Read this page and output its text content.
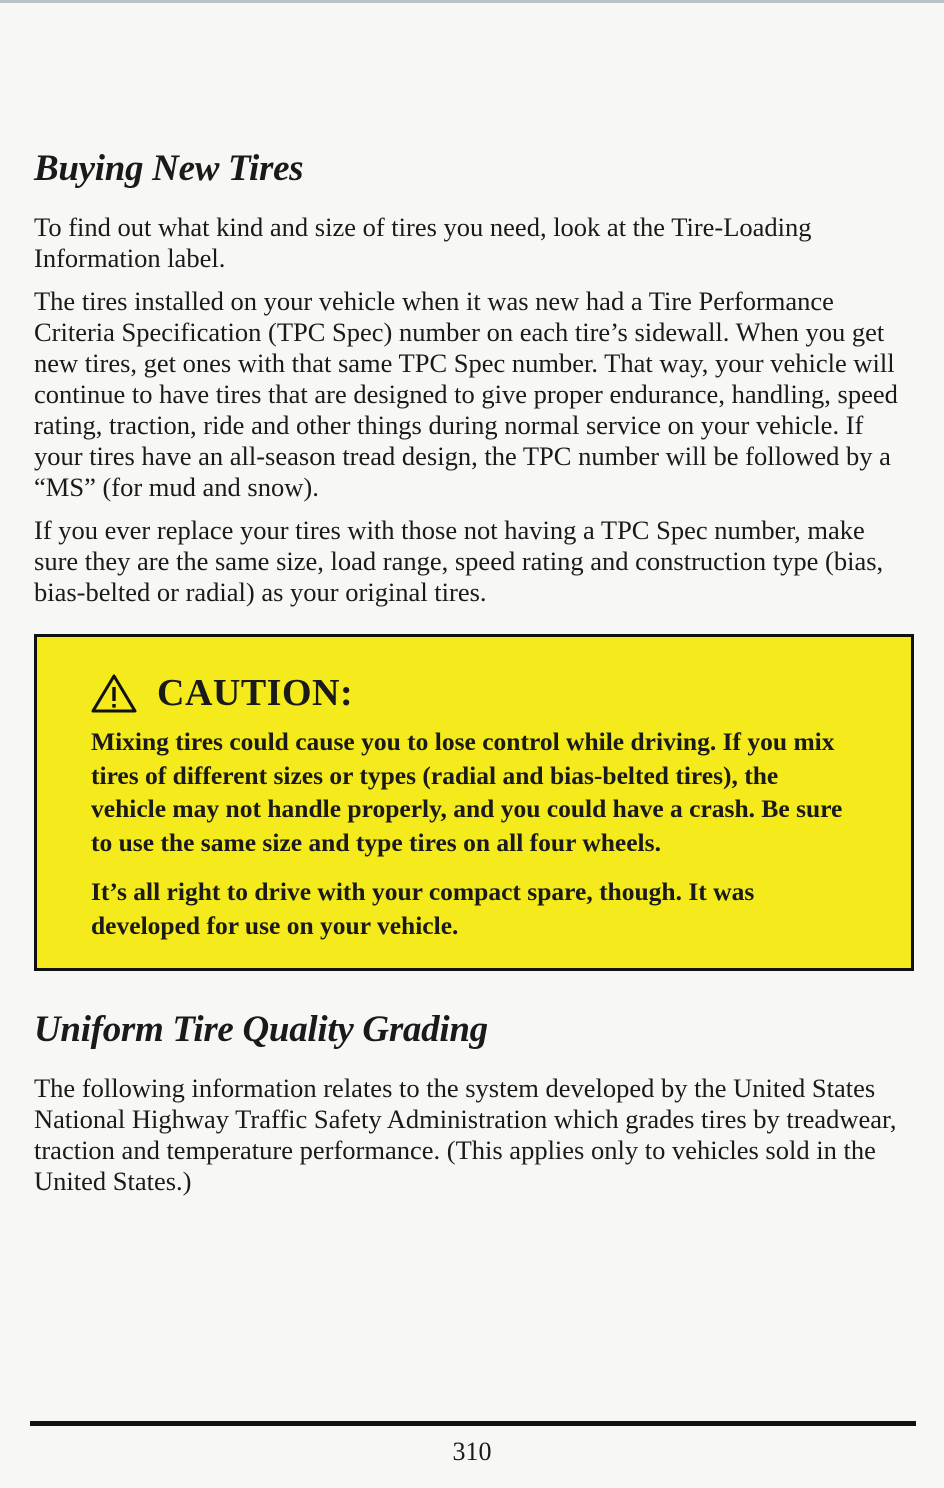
Buying New Tires

To find out what kind and size of tires you need, look at the Tire-Loading Information label.

The tires installed on your vehicle when it was new had a Tire Performance Criteria Specification (TPC Spec) number on each tire’s sidewall. When you get new tires, get ones with that same TPC Spec number. That way, your vehicle will continue to have tires that are designed to give proper endurance, handling, speed rating, traction, ride and other things during normal service on your vehicle. If your tires have an all-season tread design, the TPC number will be followed by a “MS” (for mud and snow).

If you ever replace your tires with those not having a TPC Spec number, make sure they are the same size, load range, speed rating and construction type (bias, bias-belted or radial) as your original tires.

CAUTION:

Mixing tires could cause you to lose control while driving. If you mix tires of different sizes or types (radial and bias-belted tires), the vehicle may not handle properly, and you could have a crash. Be sure to use the same size and type tires on all four wheels.

It’s all right to drive with your compact spare, though. It was developed for use on your vehicle.

Uniform Tire Quality Grading

The following information relates to the system developed by the United States National Highway Traffic Safety Administration which grades tires by treadwear, traction and temperature performance. (This applies only to vehicles sold in the United States.)

310
